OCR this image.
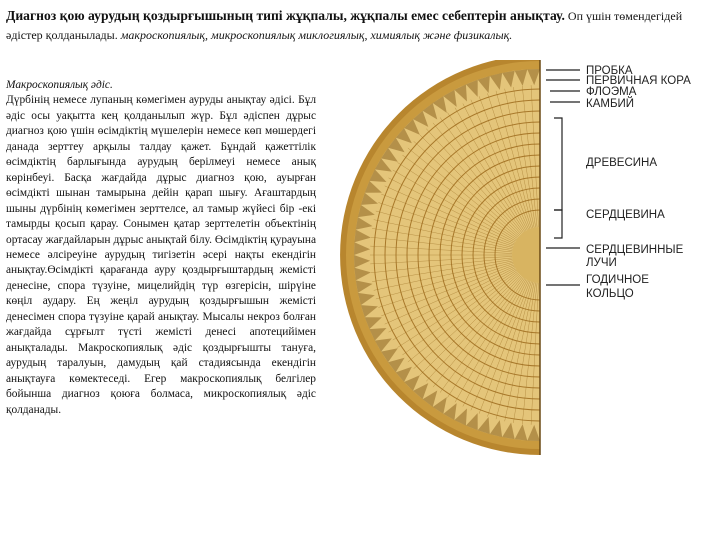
Диагноз қою аурудың қоздырғышының типі жұқпалы, жұқпалы емес себептерін анықтау. Оп үшін төмендегідей әдістер қолданылады. макроскопиялық, микроскопиялық миклогиялық, химиялық және физикалық.
Макроскопиялық әдіс.
Дүрбінің немесе лупаның көмегімен ауруды анықтау әдісі. Бұл әдіс осы уақытта кең қолданылып жүр. Бұл әдіспен дұрыс диагноз қою үшін өсімдіктің мүшелерін немесе көп мөшердегі данада зерттеу арқылы талдау қажет. Бұндай қажеттілік өсімдіктің барлығында аурудың берілмеуі немесе анық көрінбеуі. Басқа жағдайда дұрыс диагноз қою, ауырған өсімдікті шынан тамырына дейін қарап шығу. Ағаштардың шыны дүрбінің көмегімен зерттелсе, ал тамыр жүйесі бір -екі тамырды қосып қарау. Сонымен қатар зерттелетін объектінің ортасау жағдайларын дұрыс анықтай білу. Өсімдіктің қурауына немесе әлсіреуіне аурудың тигізетін әсері нақты екендігін анықтау.Өсімдікті қарағанда ауру қоздырғыштардың жемісті денесіне, спора түзуіне, мицелийдің түр өзгерісін, шірүіне көңіл аудару. Ең жеңіл аурудың қоздырғышын жемісті денесімен спора түзуіне қарай анықтау. Мысалы некроз болған жағдайда сұрғылт түсті жемісті денесі апотецийімен анықталады. Макроскопиялық әдіс қоздырғышты тануға, аурудың таралуын, дамудың қай стадиясында екендігін анықтауға көмектеседі. Егер макроскопиялық белгілер бойынша диагноз қоюға болмаса, микроскопиялық әдіс қолданады.
ПРОБКА
ПЕРВИЧНАЯ КОРА
ФЛОЭМА
КАМБИЙ
ДРЕВЕСИНА
СЕРДЦЕВИНА
СЕРДЦЕВИННЫЕ
ЛУЧИ
ГОДИЧНОЕ
КОЛЬЦО
